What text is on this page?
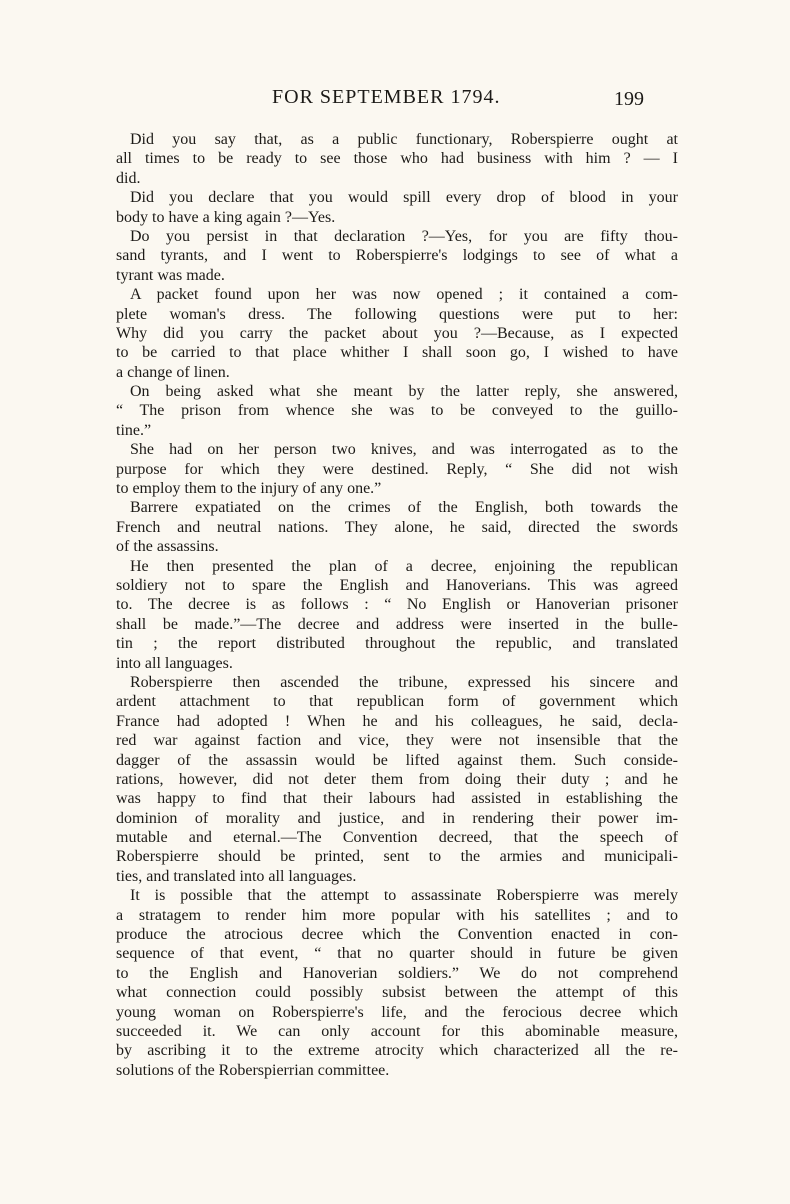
FOR SEPTEMBER 1794.	199
Did you say that, as a public functionary, Roberspierre ought at
all times to be ready to see those who had business with him ? — I
did.
Did you declare that you would spill every drop of blood in your
body to have a king again ?—Yes.
Do you persist in that declaration ?—Yes, for you are fifty thou-
sand tyrants, and I went to Roberspierre's lodgings to see of what a
tyrant was made.
A packet found upon her was now opened ; it contained a com-
plete woman's dress. The following questions were put to her:
Why did you carry the packet about you ?—Because, as I expected
to be carried to that place whither I shall soon go, I wished to have
a change of linen.
On being asked what she meant by the latter reply, she answered,
“ The prison from whence she was to be conveyed to the guillo-
tine.”
She had on her person two knives, and was interrogated as to the
purpose for which they were destined. Reply, “ She did not wish
to employ them to the injury of any one.”
Barrere expatiated on the crimes of the English, both towards the
French and neutral nations. They alone, he said, directed the swords
of the assassins.
He then presented the plan of a decree, enjoining the republican
soldiery not to spare the English and Hanoverians. This was agreed
to. The decree is as follows : “ No English or Hanoverian prisoner
shall be made.”—The decree and address were inserted in the bulle-
tin ; the report distributed throughout the republic, and translated
into all languages.
Roberspierre then ascended the tribune, expressed his sincere and
ardent attachment to that republican form of government which
France had adopted ! When he and his colleagues, he said, decla-
red war against faction and vice, they were not insensible that the
dagger of the assassin would be lifted against them. Such conside-
rations, however, did not deter them from doing their duty ; and he
was happy to find that their labours had assisted in establishing the
dominion of morality and justice, and in rendering their power im-
mutable and eternal.—The Convention decreed, that the speech of
Roberspierre should be printed, sent to the armies and municipali-
ties, and translated into all languages.
It is possible that the attempt to assassinate Roberspierre was merely
a stratagem to render him more popular with his satellites ; and to
produce the atrocious decree which the Convention enacted in con-
sequence of that event, “ that no quarter should in future be given
to the English and Hanoverian soldiers.” We do not comprehend
what connection could possibly subsist between the attempt of this
young woman on Roberspierre's life, and the ferocious decree which
succeeded it. We can only account for this abominable measure,
by ascribing it to the extreme atrocity which characterized all the re-
solutions of the Roberspierrian committee.
